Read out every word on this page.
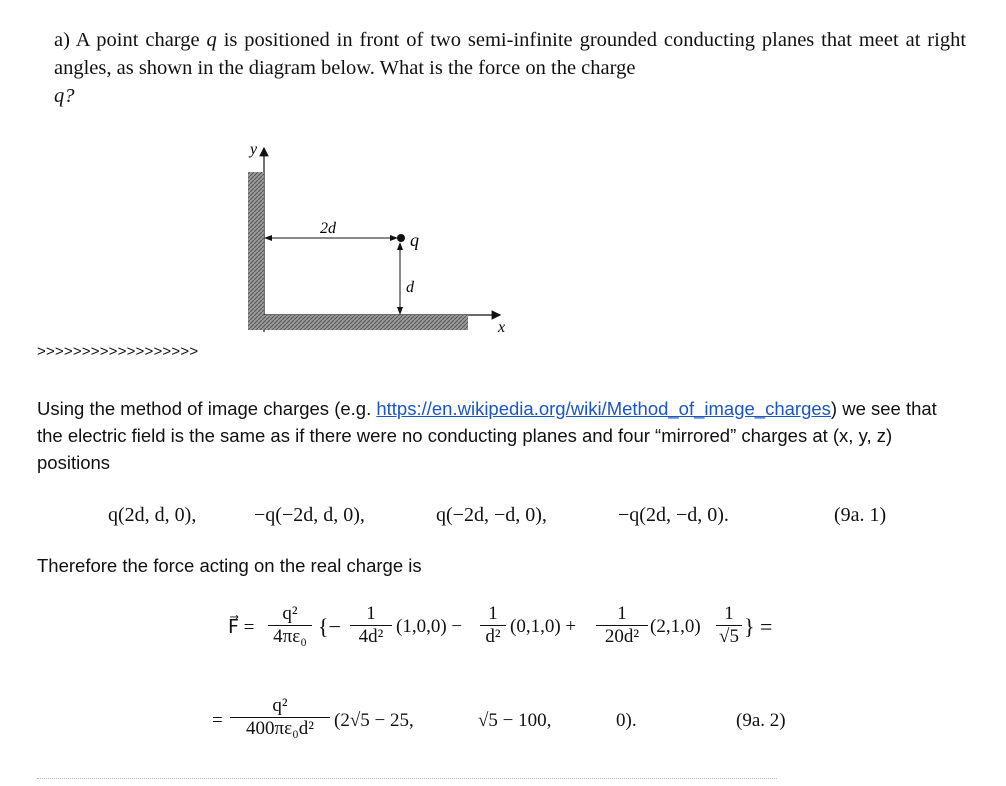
a) A point charge q is positioned in front of two semi-infinite grounded conducting planes that meet at right angles, as shown in the diagram below. What is the force on the charge
q?
y
x
2d
d
q
>>>>>>>>>>>>>>>>>>
Using the method of image charges (e.g. https://en.wikipedia.org/wiki/Method_of_image_charges) we see that the electric field is the same as if there were no conducting planes and four “mirrored” charges at (x, y, z) positions
q(2d, d, 0),	−q(−2d, d, 0),	q(−2d, −d, 0),	−q(2d, −d, 0).	(9a. 1)
Therefore the force acting on the real charge is
F⃗ =
q²
4πε₀ {−
1
4d² (1,0,0) −
1
d² (0,1,0) +
1
20d² (2,1,0)
1
√5 } =
=
q²
400πε₀d²	(2√5 − 25,	√5 − 100,	0).	(9a. 2)
